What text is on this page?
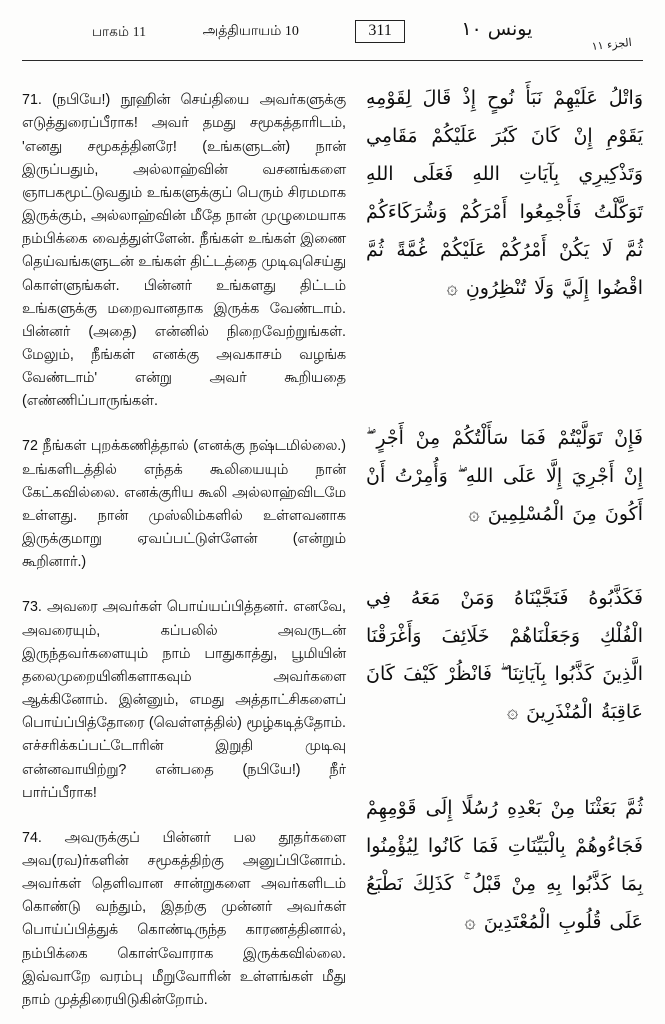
பாகம் 11	அத்தியாயம் 10	311	يونس ١٠
الجزء ١١

71. (நபியே!) நூஹின் செய்தியை அவர்களுக்கு எடுத்துரைப்பீராக! அவர் தமது சமூகத்தாரிடம், 'எனது சமூகத்தினரே! (உங்களுடன்) நான் இருப்பதும், அல்லாஹ்வின் வசனங்களை ஞாபகமூட்டுவதும் உங்களுக்குப் பெரும் சிரமமாக இருக்கும், அல்லாஹ்வின் மீதே நான் முழுமையாக நம்பிக்கை வைத்துள்ளேன். நீங்கள் உங்கள் இணை தெய்வங்களுடன் உங்கள் திட்டத்தை முடிவுசெய்து கொள்ளுங்கள். பின்னர் உங்களது திட்டம் உங்களுக்கு மறைவானதாக இருக்க வேண்டாம். பின்னர் (அதை) என்னில் நிறைவேற்றுங்கள். மேலும், நீங்கள் எனக்கு அவகாசம் வழங்க வேண்டாம்' என்று அவர் கூறியதை (எண்ணிப்பாருங்கள்.

72 நீங்கள் புறக்கணித்தால் (எனக்கு நஷ்டமில்லை.) உங்களிடத்தில் எந்தக் கூலியையும் நான் கேட்கவில்லை. எனக்குரிய கூலி அல்லாஹ்விடமே உள்ளது. நான் முஸ்லிம்களில் உள்ளவனாக இருக்குமாறு ஏவப்பட்டுள்ளேன் (என்றும் கூறினார்.)

73. அவரை அவர்கள் பொய்யப்பித்தனர். எனவே, அவரையும், கப்பலில் அவருடன் இருந்தவர்களையும் நாம் பாதுகாத்து, பூமியின் தலைமுறையினிகளாகவும் அவர்களை ஆக்கினோம். இன்னும், எமது அத்தாட்சிகளைப் பொய்ப்பித்தோரை (வெள்ளத்தில்) மூழ்கடித்தோம். எச்சரிக்கப்பட்டோரின் இறுதி முடிவு என்னவாயிற்று? என்பதை (நபியே!) நீர் பார்ப்பீராக!

74. அவருக்குப் பின்னர் பல தூதர்களை அவ(ரவ)ர்களின் சமூகத்திற்கு அனுப்பினோம். அவர்கள் தெளிவான சான்றுகளை அவர்களிடம் கொண்டு வந்தும், இதற்கு முன்னர் அவர்கள் பொய்ப்பித்துக் கொண்டிருந்த காரணத்தினால், நம்பிக்கை கொள்வோராக இருக்கவில்லை. இவ்வாறே வரம்பு மீறுவோரின் உள்ளங்கள் மீது நாம் முத்திரையிடுகின்றோம்.

وَاتْلُ عَلَيْهِمْ نَبَأَ نُوحٍ إِذْ قَالَ لِقَوْمِهِ يَقَوْمِ إِنْ كَانَ كَبُرَ عَلَيْكُمْ مَقَامِي وَتَذْكِيرِي بِآيَاتِ اللهِ فَعَلَى اللهِ تَوَكَّلْتُ فَأَجْمِعُوا أَمْرَكُمْ وَشُرَكَاءَكُمْ ثُمَّ لَا يَكُنْ أَمْرُكُمْ عَلَيْكُمْ غُمَّةً ثُمَّ اقْضُوا إِلَيَّ وَلَا تُنْظِرُونِ ۞

فَإِنْ تَوَلَّيْتُمْ فَمَا سَأَلْتُكُمْ مِنْ أَجْرٍ ۖ إِنْ أَجْرِيَ إِلَّا عَلَى اللهِ ۖ وَأُمِرْتُ أَنْ أَكُونَ مِنَ الْمُسْلِمِينَ ۞

فَكَذَّبُوهُ فَنَجَّيْنَاهُ وَمَنْ مَعَهُ فِي الْفُلْكِ وَجَعَلْنَاهُمْ خَلَائِفَ وَأَغْرَقْنَا الَّذِينَ كَذَّبُوا بِآيَاتِنَا ۖ فَانْظُرْ كَيْفَ كَانَ عَاقِبَةُ الْمُنْذَرِينَ ۞

ثُمَّ بَعَثْنَا مِنْ بَعْدِهِ رُسُلًا إِلَى قَوْمِهِمْ فَجَاءُوهُمْ بِالْبَيِّنَاتِ فَمَا كَانُوا لِيُؤْمِنُوا بِمَا كَذَّبُوا بِهِ مِنْ قَبْلُ ۚ كَذَلِكَ نَطْبَعُ عَلَى قُلُوبِ الْمُعْتَدِينَ ۞
